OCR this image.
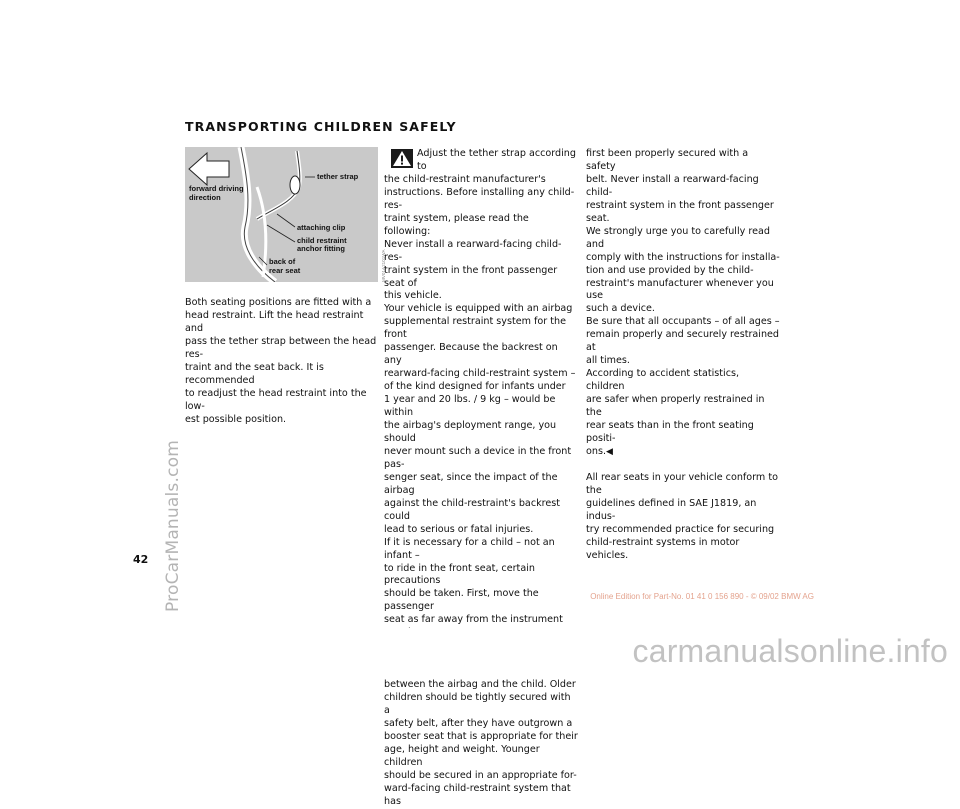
ProCarManuals.com
TRANSPORTING CHILDREN SAFELY
forward driving
direction
tether strap
attaching clip
child restraint
anchor fitting
back of
rear seat	MV01A2101WA

Both seating positions are fitted with a

head restraint. Lift the head restraint and

pass the tether strap between the head res-

traint and the seat back. It is recommended

to readjust the head restraint into the low-

est possible position.

Adjust the tether strap according to

the child-restraint manufacturer's

instructions. Before installing any child-res-

traint system, please read the following:

Never install a rearward-facing child-res-

traint system in the front passenger seat of

this vehicle.

Your vehicle is equipped with an airbag

supplemental restraint system for the front

passenger. Because the backrest on any

rearward-facing child-restraint system –

of the kind designed for infants under

1 year and 20 lbs. / 9 kg – would be within

the airbag's deployment range, you should

never mount such a device in the front pas-

senger seat, since the impact of the airbag

against the child-restraint's backrest could

lead to serious or fatal injuries.

If it is necessary for a child – not an infant –

to ride in the front seat, certain precautions

should be taken. First, move the passenger

seat as far away from the instrument

between the airbag and the child. Older

children should be tightly secured with a

safety belt, after they have outgrown a

booster seat that is appropriate for their

age, height and weight. Younger children

should be secured in an appropriate for-

ward-facing child-restraint system that has

first been properly secured with a safety

belt. Never install a rearward-facing child-

restraint system in the front passenger

seat.

We strongly urge you to carefully read and

comply with the instructions for installa-

tion and use provided by the child-

restraint's manufacturer whenever you use

such a device.

Be sure that all occupants – of all ages –

remain properly and securely restrained at

all times.

According to accident statistics, children

are safer when properly restrained in the

rear seats than in the front seating positi-

ons.◀

All rear seats in your vehicle conform to the

guidelines defined in SAE J1819, an indus-

try recommended practice for securing

child-restraint systems in motor vehicles.

42

Online Edition for Part-No. 01 41 0 156 890 - © 09/02 BMW AG
carmanualsonline.info
